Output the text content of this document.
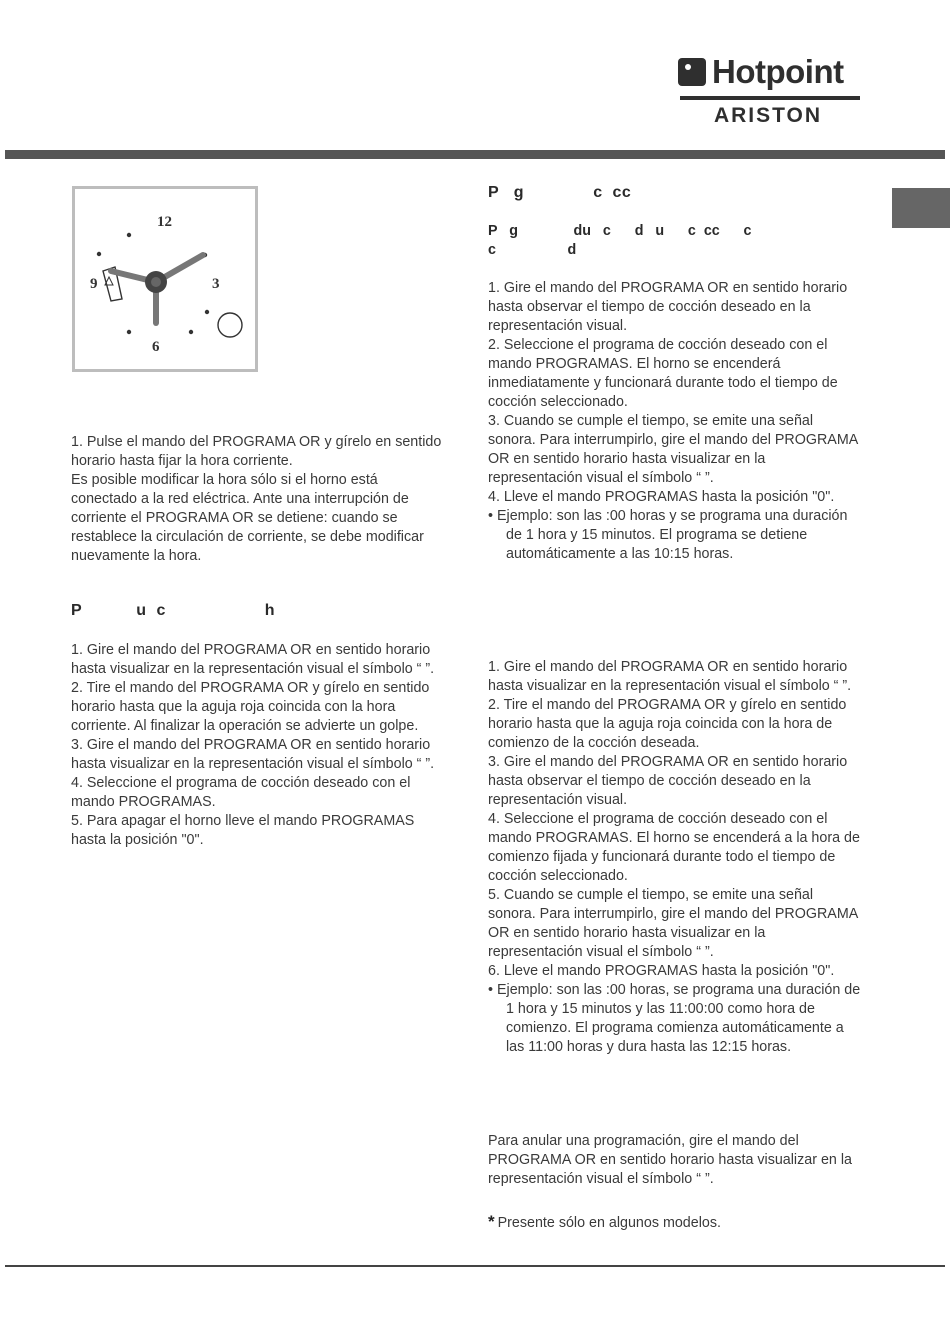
Hotpoint
ARISTON
12
3
6
9

1. Pulse el mando del PROGRAMA OR y gírelo en sentido horario hasta fijar la hora corriente.

Es posible modificar la hora sólo si el horno está conectado a la red eléctrica. Ante una interrupción de corriente el PROGRAMA OR se detiene: cuando se restablece la circulación de corriente, se debe modificar nuevamente la hora.

P           u  c                    h

1. Gire el mando del PROGRAMA OR en sentido horario hasta visualizar en la representación visual el símbolo “ ”.

2. Tire el mando del PROGRAMA OR y gírelo en sentido horario hasta que la aguja roja coincida con la hora corriente. Al finalizar la operación se advierte un golpe.

3. Gire el mando del PROGRAMA OR en sentido horario hasta visualizar en la representación visual el símbolo “ ”.

4. Seleccione el programa de cocción deseado con el mando PROGRAMAS.

5. Para apagar el horno lleve el mando PROGRAMAS hasta la posición "0".

P   g              c  cc
P   g              du   c      d   u      c  cc      c
c                  d

1. Gire el mando del PROGRAMA OR en sentido horario hasta observar el tiempo de cocción deseado en la representación visual.

2. Seleccione el programa de cocción deseado con el mando PROGRAMAS. El horno se encenderá inmediatamente y funcionará durante todo el tiempo de cocción seleccionado.

3. Cuando se cumple el tiempo, se emite una señal sonora. Para interrumpirlo, gire el mando del PROGRAMA OR en sentido horario hasta visualizar en la representación visual el símbolo “ ”.

4. Lleve el mando PROGRAMAS hasta la posición "0".

• Ejemplo: son las :00 horas y se programa una duración de 1 hora y 15 minutos. El programa se detiene automáticamente a las 10:15 horas.

1. Gire el mando del PROGRAMA OR en sentido horario hasta visualizar en la representación visual el símbolo “ ”.

2. Tire el mando del PROGRAMA OR y gírelo en sentido horario hasta que la aguja roja coincida con la hora de comienzo de la cocción deseada.

3. Gire el mando del PROGRAMA OR en sentido horario hasta observar el tiempo de cocción deseado en la representación visual.

4. Seleccione el programa de cocción deseado con el mando PROGRAMAS. El horno se encenderá a la hora de comienzo fijada y funcionará durante todo el tiempo de cocción seleccionado.

5. Cuando se cumple el tiempo, se emite una señal sonora. Para interrumpirlo, gire el mando del PROGRAMA OR en sentido horario hasta visualizar en la representación visual el símbolo “ ”.

6. Lleve el mando PROGRAMAS hasta la posición "0".

• Ejemplo: son las :00 horas, se programa una duración de 1 hora y 15 minutos y las 11:00:00 como hora de comienzo. El programa comienza automáticamente a las 11:00 horas y dura hasta las 12:15 horas.

Para anular una programación, gire el mando del PROGRAMA OR en sentido horario hasta visualizar en la representación visual el símbolo “ ”.

* Presente sólo en algunos modelos.
